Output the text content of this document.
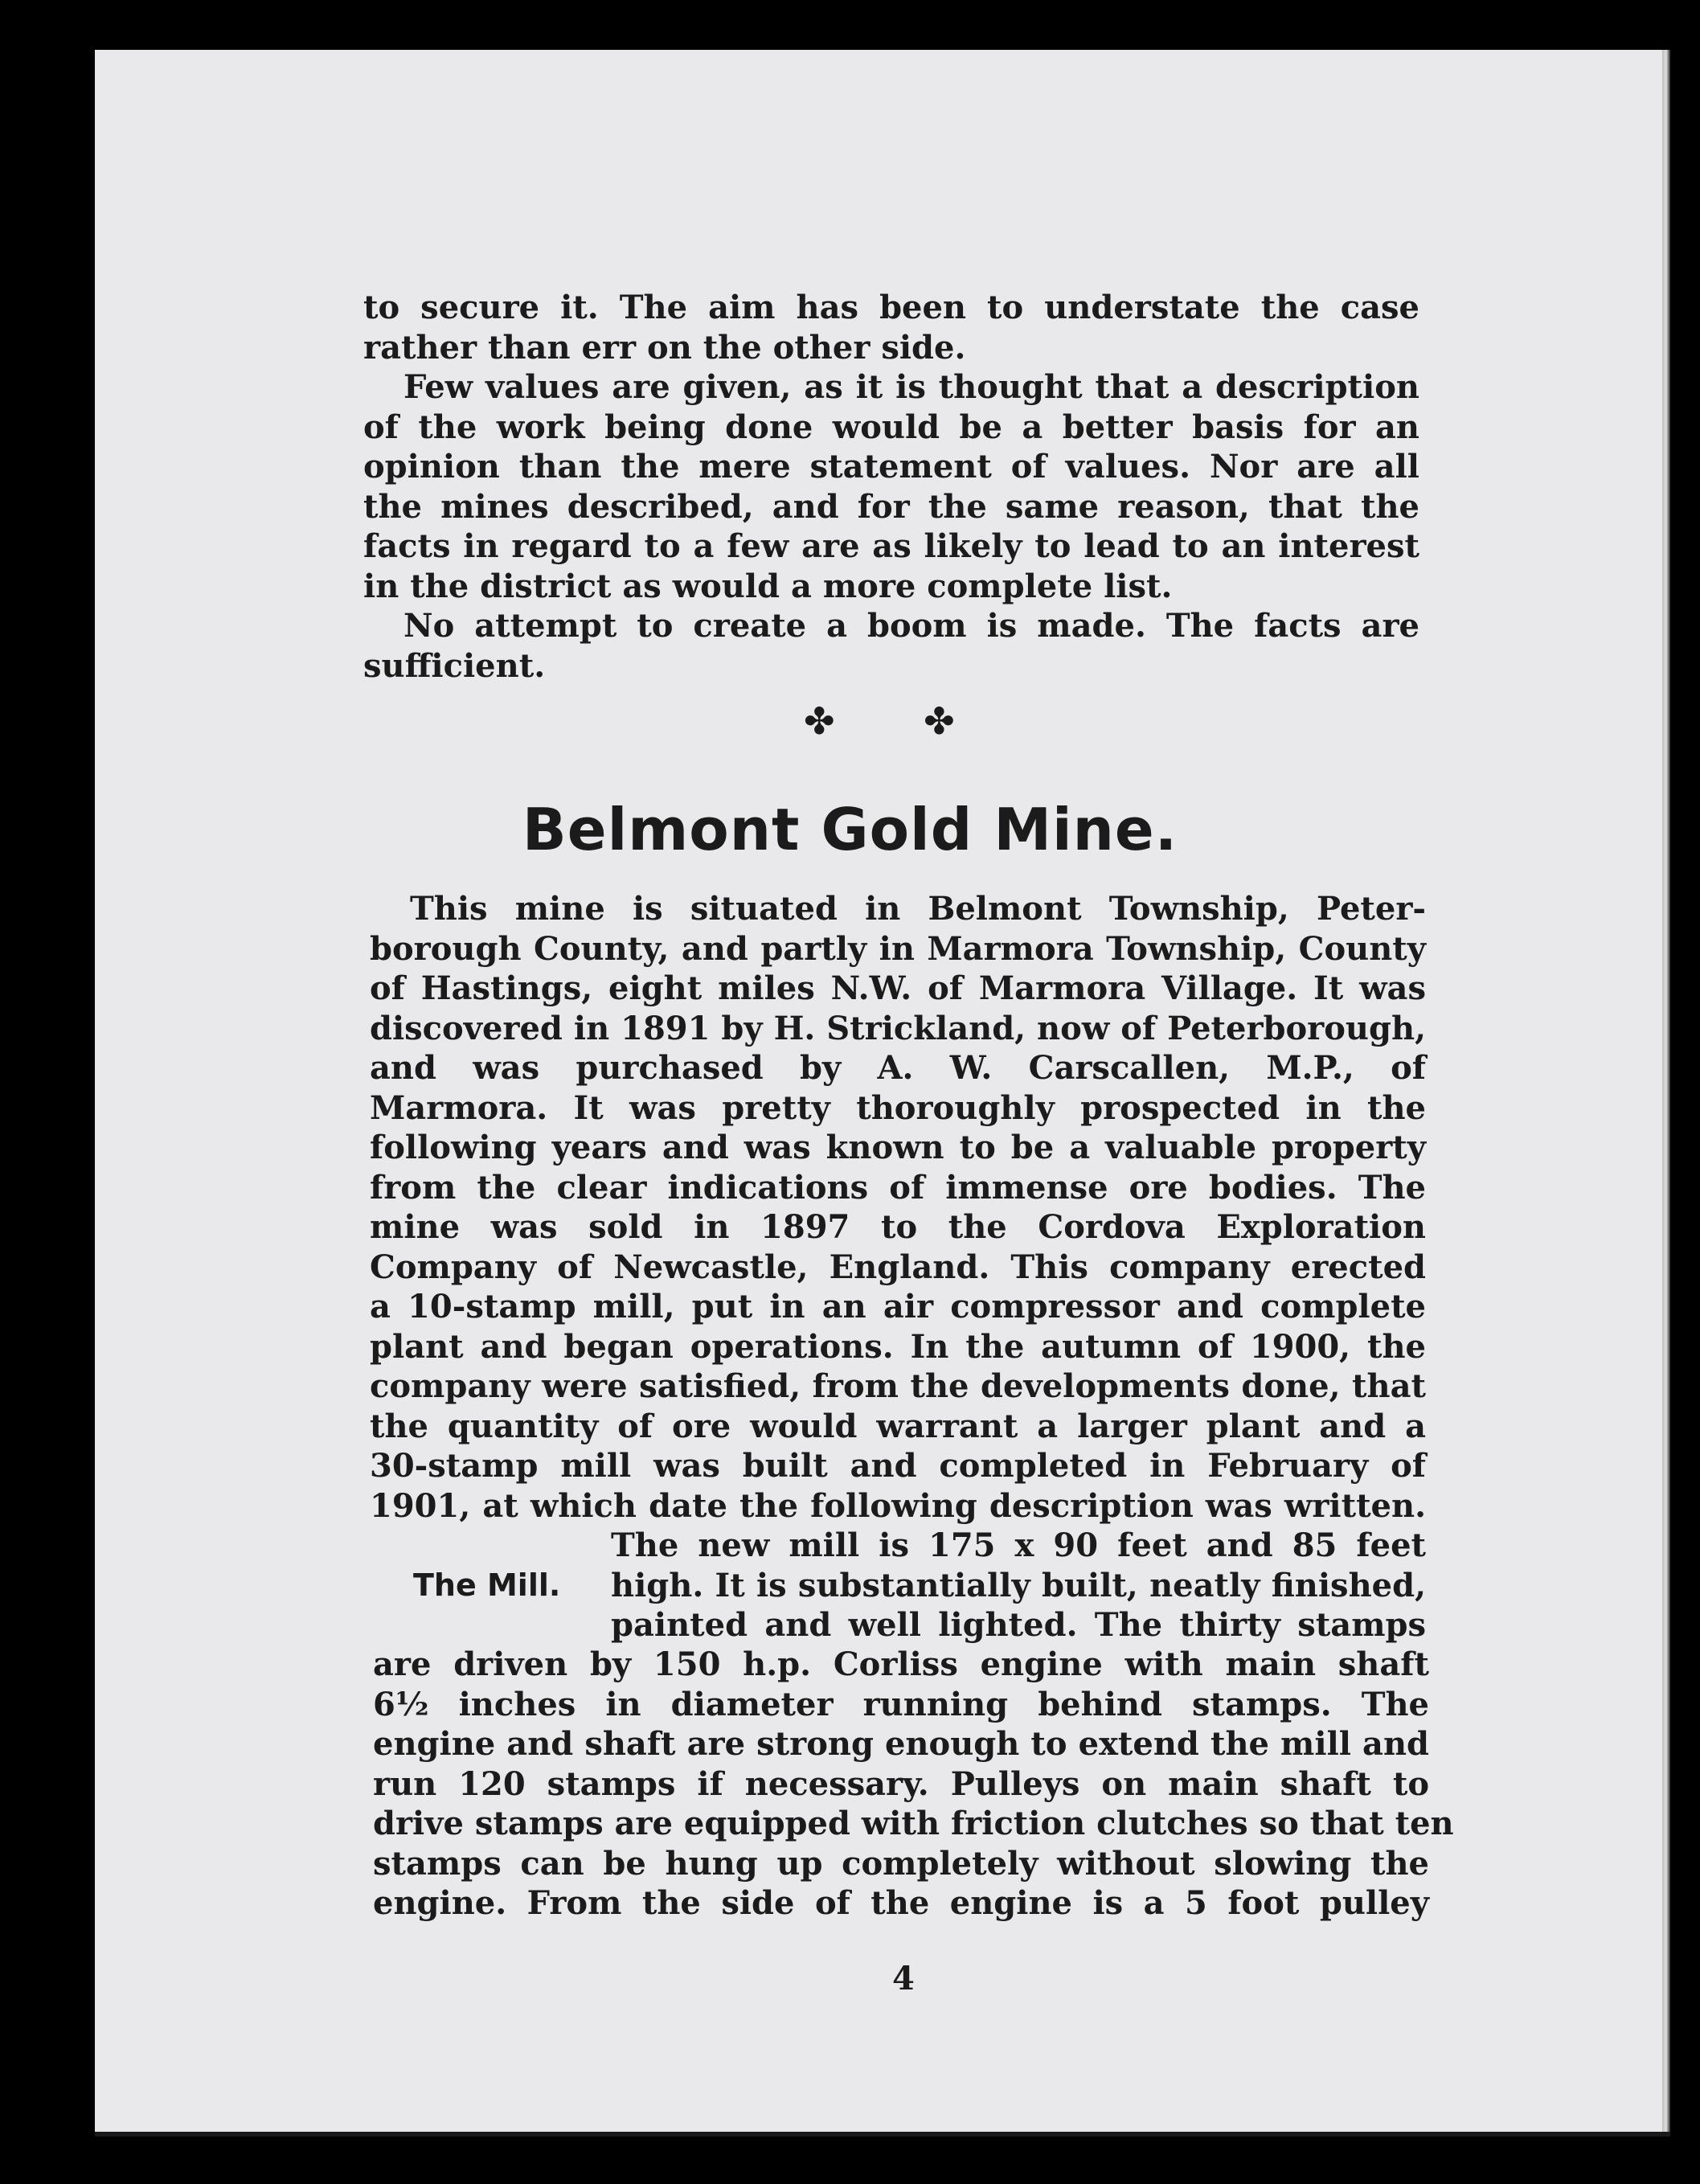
to secure it. The aim has been to understate the case
rather than err on the other side.
Few values are given, as it is thought that a description
of the work being done would be a better basis for an
opinion than the mere statement of values. Nor are all
the mines described, and for the same reason, that the
facts in regard to a few are as likely to lead to an interest
in the district as would a more complete list.
No attempt to create a boom is made. The facts are
sufficient.
✤ ✤
Belmont Gold Mine.
This mine is situated in Belmont Township, Peter-
borough County, and partly in Marmora Township, County
of Hastings, eight miles N.W. of Marmora Village. It was
discovered in 1891 by H. Strickland, now of Peterborough,
and was purchased by A. W. Carscallen, M.P., of
Marmora. It was pretty thoroughly prospected in the
following years and was known to be a valuable property
from the clear indications of immense ore bodies. The
mine was sold in 1897 to the Cordova Exploration
Company of Newcastle, England. This company erected
a 10-stamp mill, put in an air compressor and complete
plant and began operations. In the autumn of 1900, the
company were satisfied, from the developments done, that
the quantity of ore would warrant a larger plant and a
30-stamp mill was built and completed in February of
1901, at which date the following description was written.
The Mill.
The new mill is 175 x 90 feet and 85 feet
high. It is substantially built, neatly finished,
painted and well lighted. The thirty stamps
are driven by 150 h.p. Corliss engine with main shaft
6½ inches in diameter running behind stamps. The
engine and shaft are strong enough to extend the mill and
run 120 stamps if necessary. Pulleys on main shaft to
drive stamps are equipped with friction clutches so that ten
stamps can be hung up completely without slowing the
engine. From the side of the engine is a 5 foot pulley
4
